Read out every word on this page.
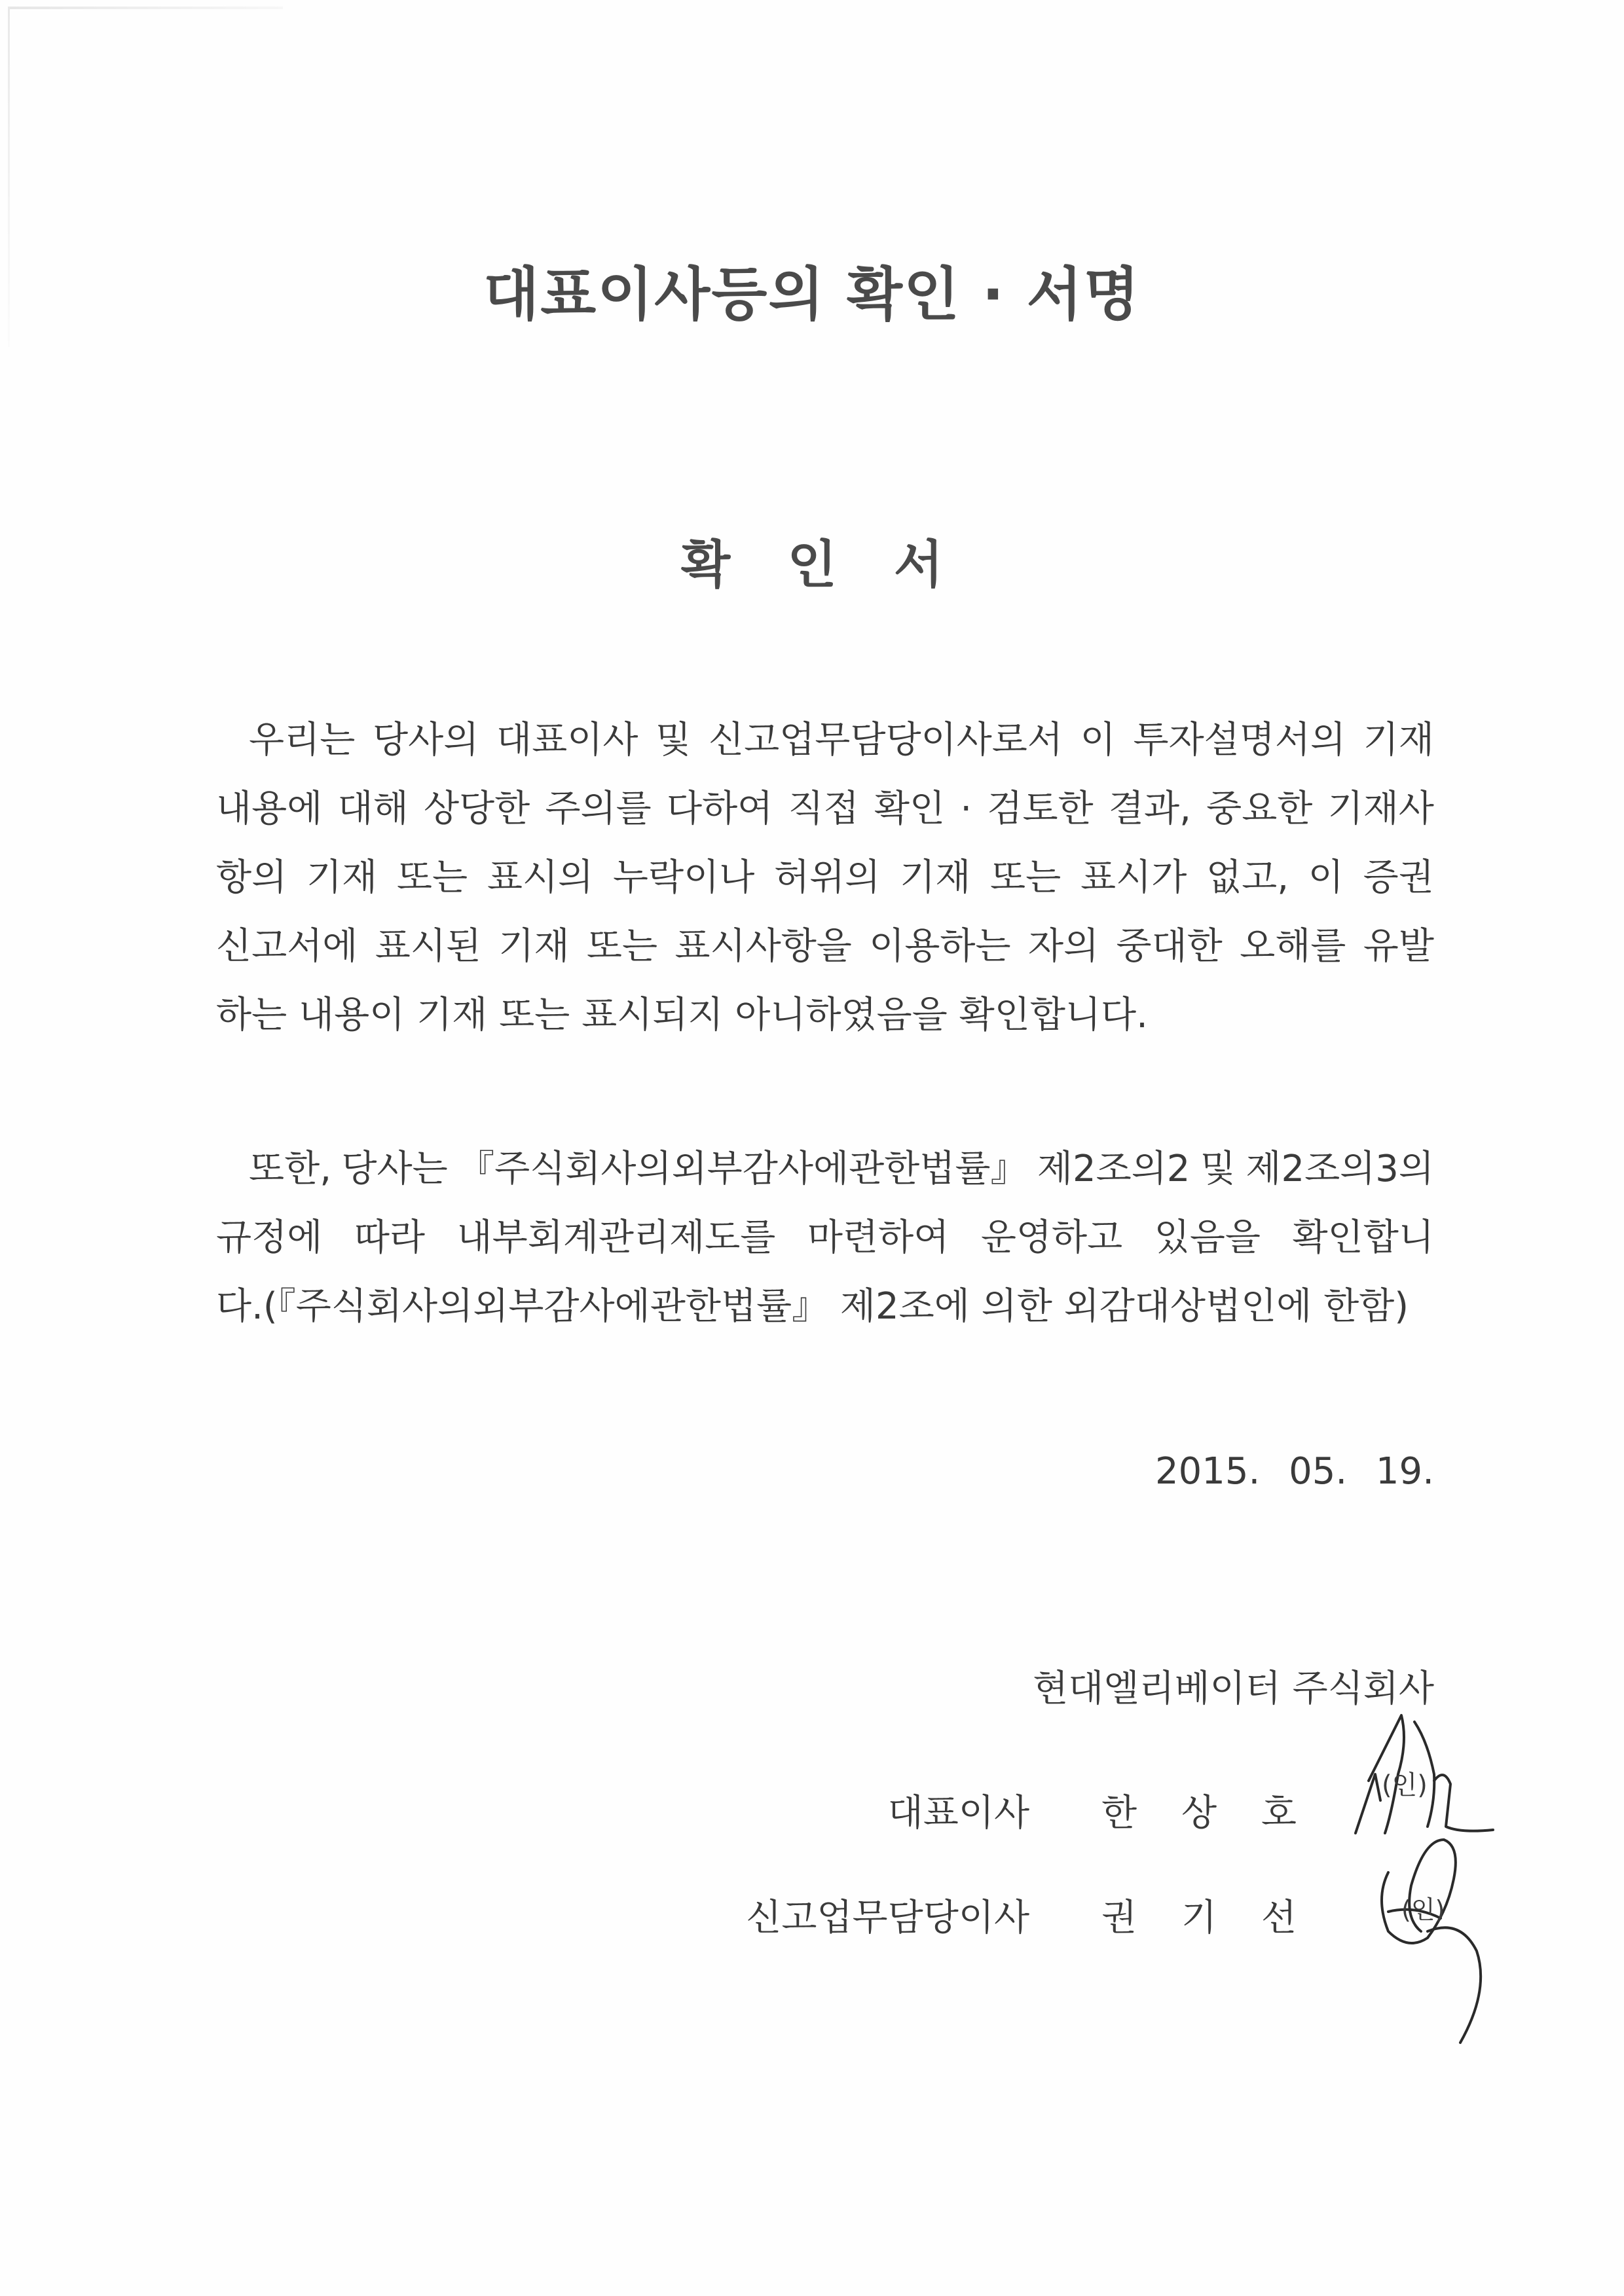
대표이사등의 확인 · 서명
확 인 서
우리는 당사의 대표이사 및 신고업무담당이사로서 이 투자설명서의 기재
내용에 대해 상당한 주의를 다하여 직접 확인 · 검토한 결과, 중요한 기재사
항의 기재 또는 표시의 누락이나 허위의 기재 또는 표시가 없고, 이 증권
신고서에 표시된 기재 또는 표시사항을 이용하는 자의 중대한 오해를 유발
하는 내용이 기재 또는 표시되지 아니하였음을 확인합니다.
또한, 당사는 『주식회사의외부감사에관한법률』 제2조의2 및 제2조의3의
규정에 따라 내부회계관리제도를 마련하여 운영하고 있음을 확인합니
다.(『주식회사의외부감사에관한법률』 제2조에 의한 외감대상법인에 한함)
2015. 05. 19.
현대엘리베이터 주식회사
대표이사	한 상 호
신고업무담당이사	권 기 선
(인)
(인)
